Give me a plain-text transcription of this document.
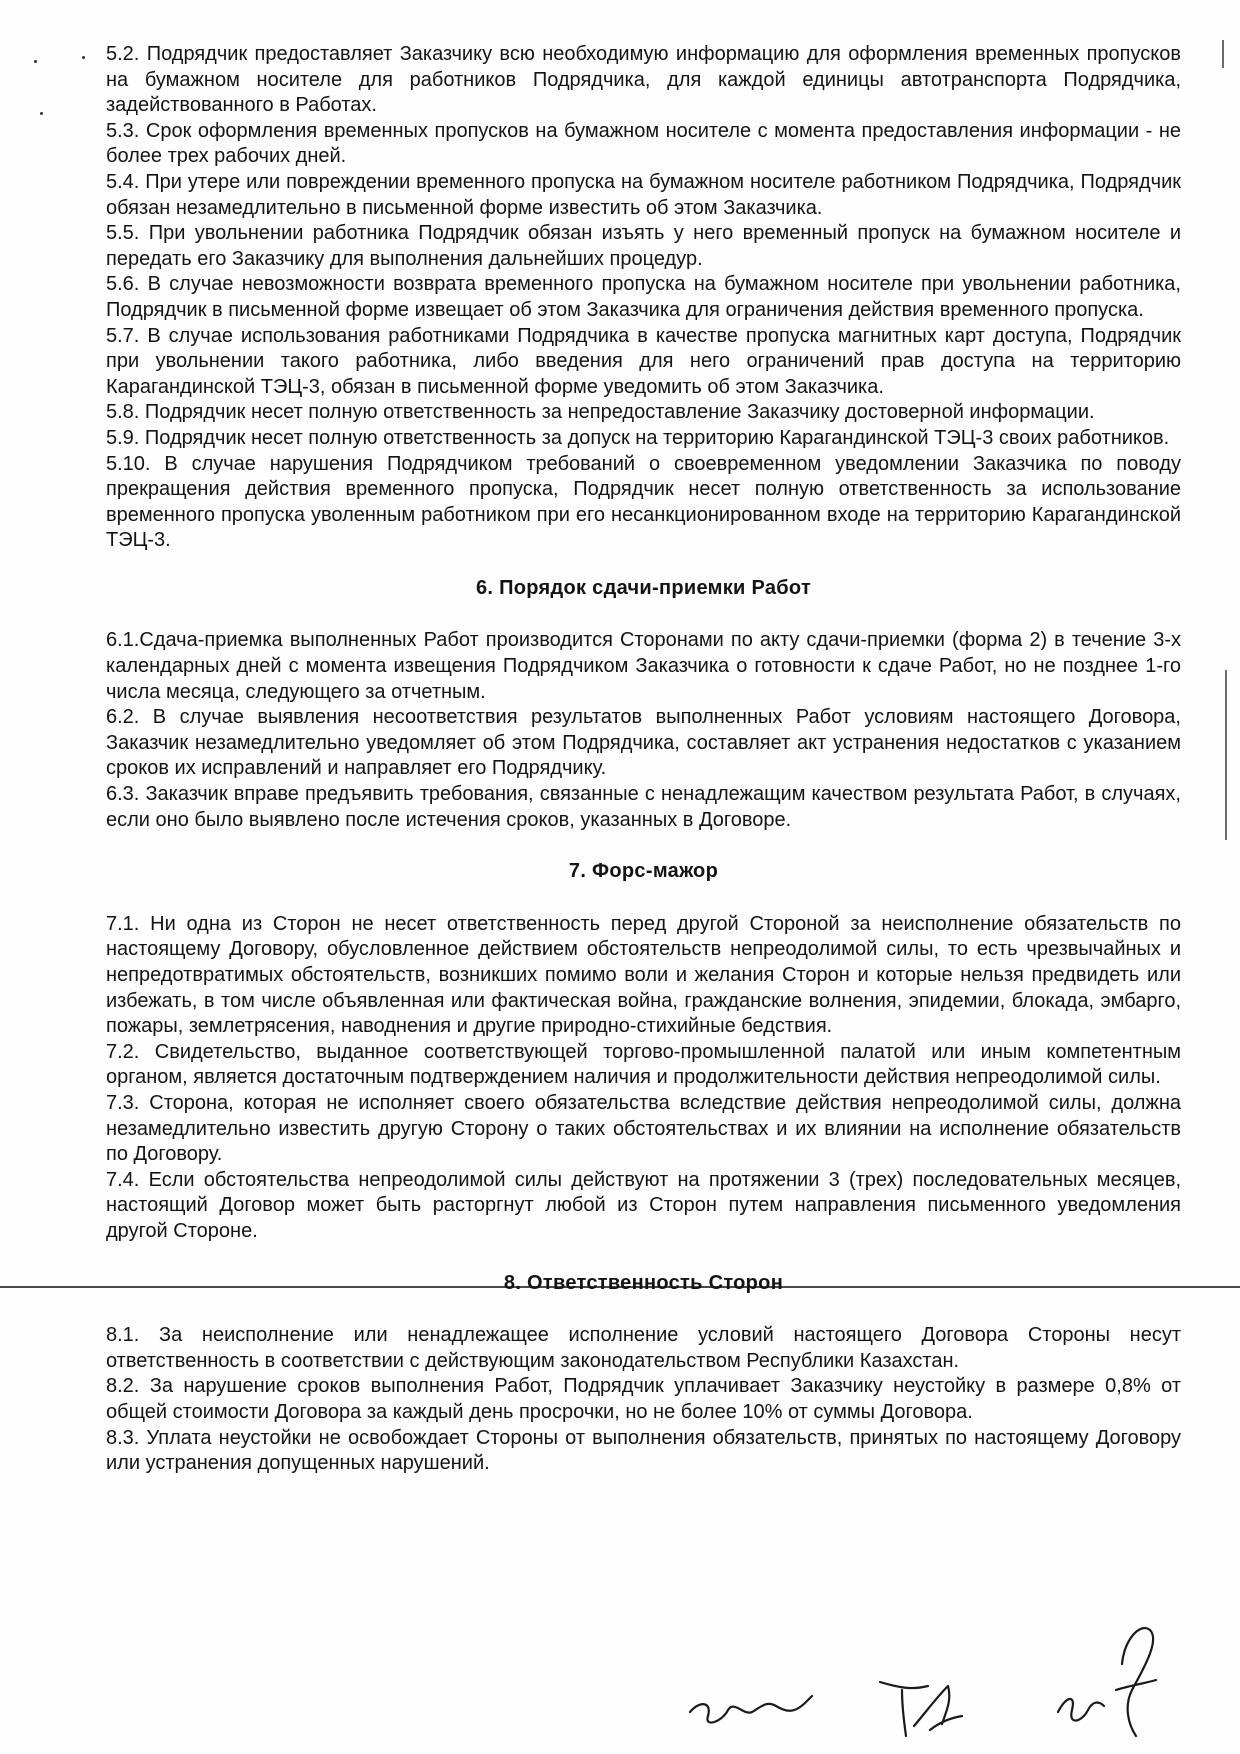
5.2. Подрядчик предоставляет Заказчику всю необходимую информацию для оформления временных пропусков на бумажном носителе для работников Подрядчика, для каждой единицы автотранспорта Подрядчика, задействованного в Работах.

5.3. Срок оформления временных пропусков на бумажном носителе с момента предоставления информации - не более трех рабочих дней.

5.4. При утере или повреждении временного пропуска на бумажном носителе работником Подрядчика, Подрядчик обязан незамедлительно в письменной форме известить об этом Заказчика.

5.5. При увольнении работника Подрядчик обязан изъять у него временный пропуск на бумажном носителе и передать его Заказчику для выполнения дальнейших процедур.

5.6. В случае невозможности возврата временного пропуска на бумажном носителе при увольнении работника, Подрядчик в письменной форме извещает об этом Заказчика для ограничения действия временного пропуска.

5.7. В случае использования работниками Подрядчика в качестве пропуска магнитных карт доступа, Подрядчик при увольнении такого работника, либо введения для него ограничений прав доступа на территорию Карагандинской ТЭЦ-3, обязан в письменной форме уведомить об этом Заказчика.

5.8. Подрядчик несет полную ответственность за непредоставление Заказчику достоверной информации.

5.9. Подрядчик несет полную ответственность за допуск на территорию Карагандинской ТЭЦ-3 своих работников.

5.10. В случае нарушения Подрядчиком требований о своевременном уведомлении Заказчика по поводу прекращения действия временного пропуска, Подрядчик несет полную ответственность за использование временного пропуска уволенным работником при его несанкционированном входе на территорию Карагандинской ТЭЦ-3.

6. Порядок сдачи-приемки Работ

6.1.Сдача-приемка выполненных Работ производится Сторонами по акту сдачи-приемки (форма 2) в течение 3-х календарных дней с момента извещения Подрядчиком Заказчика о готовности к сдаче Работ, но не позднее 1-го числа месяца, следующего за отчетным.

6.2. В случае выявления несоответствия результатов выполненных Работ условиям настоящего Договора, Заказчик незамедлительно уведомляет об этом Подрядчика, составляет акт устранения недостатков с указанием сроков их исправлений и направляет его Подрядчику.

6.3. Заказчик вправе предъявить требования, связанные с ненадлежащим качеством результата Работ, в случаях, если оно было выявлено после истечения сроков, указанных в Договоре.

7. Форс-мажор

7.1. Ни одна из Сторон не несет ответственность перед другой Стороной за неисполнение обязательств по настоящему Договору, обусловленное действием обстоятельств непреодолимой силы, то есть чрезвычайных и непредотвратимых обстоятельств, возникших помимо воли и желания Сторон и которые нельзя предвидеть или избежать, в том числе объявленная или фактическая война, гражданские волнения, эпидемии, блокада, эмбарго, пожары, землетрясения, наводнения и другие природно-стихийные бедствия.

7.2. Свидетельство, выданное соответствующей торгово-промышленной палатой или иным компетентным органом, является достаточным подтверждением наличия и продолжительности действия непреодолимой силы.

7.3. Сторона, которая не исполняет своего обязательства вследствие действия непреодолимой силы, должна незамедлительно известить другую Сторону о таких обстоятельствах и их влиянии на исполнение обязательств по Договору.

7.4. Если обстоятельства непреодолимой силы действуют на протяжении 3 (трех) последовательных месяцев, настоящий Договор может быть расторгнут любой из Сторон путем направления письменного уведомления другой Стороне.

8. Ответственность Сторон

8.1. За неисполнение или ненадлежащее исполнение условий настоящего Договора Стороны несут ответственность в соответствии с действующим законодательством Республики Казахстан.

8.2. За нарушение сроков выполнения Работ, Подрядчик уплачивает Заказчику неустойку в размере 0,8% от общей стоимости Договора за каждый день просрочки, но не более 10% от суммы Договора.

8.3. Уплата неустойки не освобождает Стороны от выполнения обязательств, принятых по настоящему Договору или устранения допущенных нарушений.
